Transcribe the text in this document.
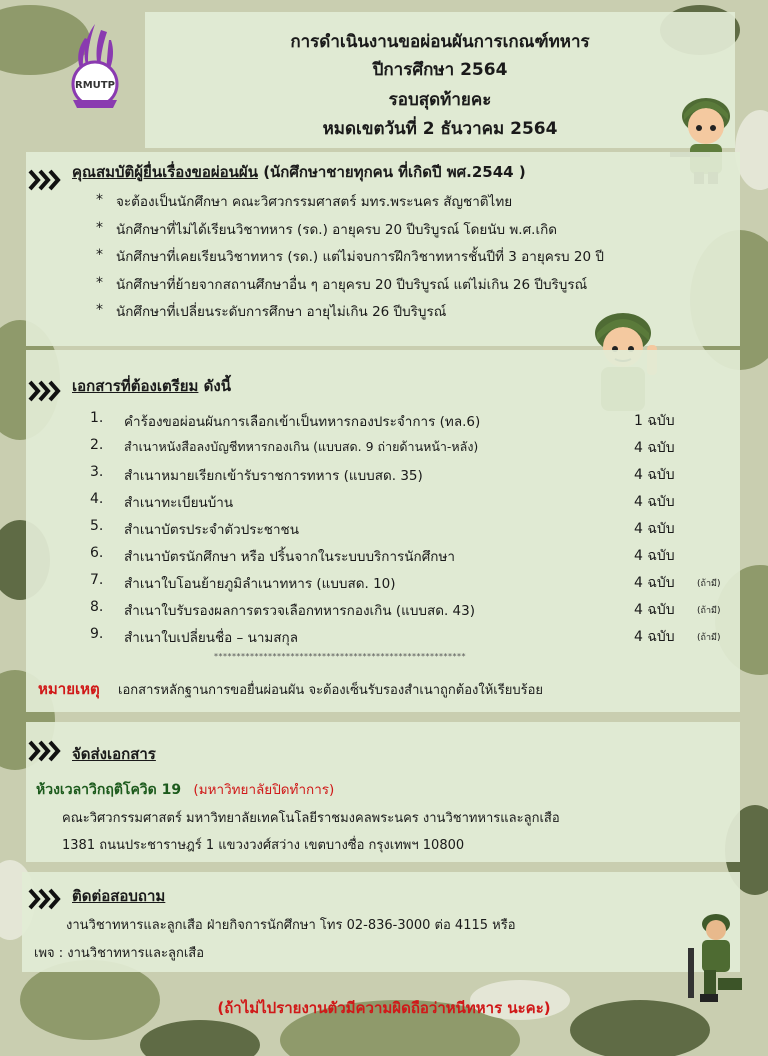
RMUTP
การดำเนินงานขอผ่อนผันการเกณฑ์ทหาร
ปีการศึกษา 2564
รอบสุดท้ายคะ
หมดเขตวันที่ 2 ธันวาคม 2564
คุณสมบัติผู้ยื่นเรื่องขอผ่อนผัน (นักศึกษาชายทุกคน ที่เกิดปี พศ.2544 )
* จะต้องเป็นนักศึกษา คณะวิศวกรรมศาสตร์ มทร.พระนคร สัญชาติไทย
* นักศึกษาที่ไม่ได้เรียนวิชาทหาร (รด.) อายุครบ 20 ปีบริบูรณ์ โดยนับ พ.ศ.เกิด
* นักศึกษาที่เคยเรียนวิชาทหาร (รด.) แต่ไม่จบการฝึกวิชาทหารชั้นปีที่ 3 อายุครบ 20 ปี
* นักศึกษาที่ย้ายจากสถานศึกษาอื่น ๆ อายุครบ 20 ปีบริบูรณ์ แต่ไม่เกิน 26 ปีบริบูรณ์
* นักศึกษาที่เปลี่ยนระดับการศึกษา อายุไม่เกิน 26 ปีบริบูรณ์
เอกสารที่ต้องเตรียม ดังนี้
1. คำร้องขอผ่อนผันการเลือกเข้าเป็นทหารกองประจำการ (ทล.6)	1 ฉบับ
2. สำเนาหนังสือลงบัญชีทหารกองเกิน (แบบสด. 9 ถ่ายด้านหน้า-หลัง)	4 ฉบับ
3. สำเนาหมายเรียกเข้ารับราชการทหาร (แบบสด. 35)	4 ฉบับ
4. สำเนาทะเบียนบ้าน	4 ฉบับ
5. สำเนาบัตรประจำตัวประชาชน	4 ฉบับ
6. สำเนาบัตรนักศึกษา หรือ ปริ้นจากในระบบบริการนักศึกษา	4 ฉบับ
7. สำเนาใบโอนย้ายภูมิลำเนาทหาร (แบบสด. 10)	4 ฉบับ (ถ้ามี)
8. สำเนาใบรับรองผลการตรวจเลือกทหารกองเกิน (แบบสด. 43)	4 ฉบับ (ถ้ามี)
9. สำเนาใบเปลี่ยนชื่อ – นามสกุล	4 ฉบับ (ถ้ามี)
********************************************************
หมายเหตุ เอกสารหลักฐานการขอยื่นผ่อนผัน จะต้องเซ็นรับรองสำเนาถูกต้องให้เรียบร้อย
จัดส่งเอกสาร
ห้วงเวลาวิกฤติโควิด 19 (มหาวิทยาลัยปิดทำการ)
คณะวิศวกรรมศาสตร์ มหาวิทยาลัยเทคโนโลยีราชมงคลพระนคร งานวิชาทหารและลูกเสือ
1381 ถนนประชาราษฎร์ 1 แขวงวงศ์สว่าง เขตบางซื่อ กรุงเทพฯ 10800
ติดต่อสอบถาม
งานวิชาทหารและลูกเสือ ฝ่ายกิจการนักศึกษา โทร 02-836-3000 ต่อ 4115 หรือ
เพจ : งานวิชาทหารและลูกเสือ
(ถ้าไม่ไปรายงานตัวมีความผิดถือว่าหนีทหาร นะคะ)
